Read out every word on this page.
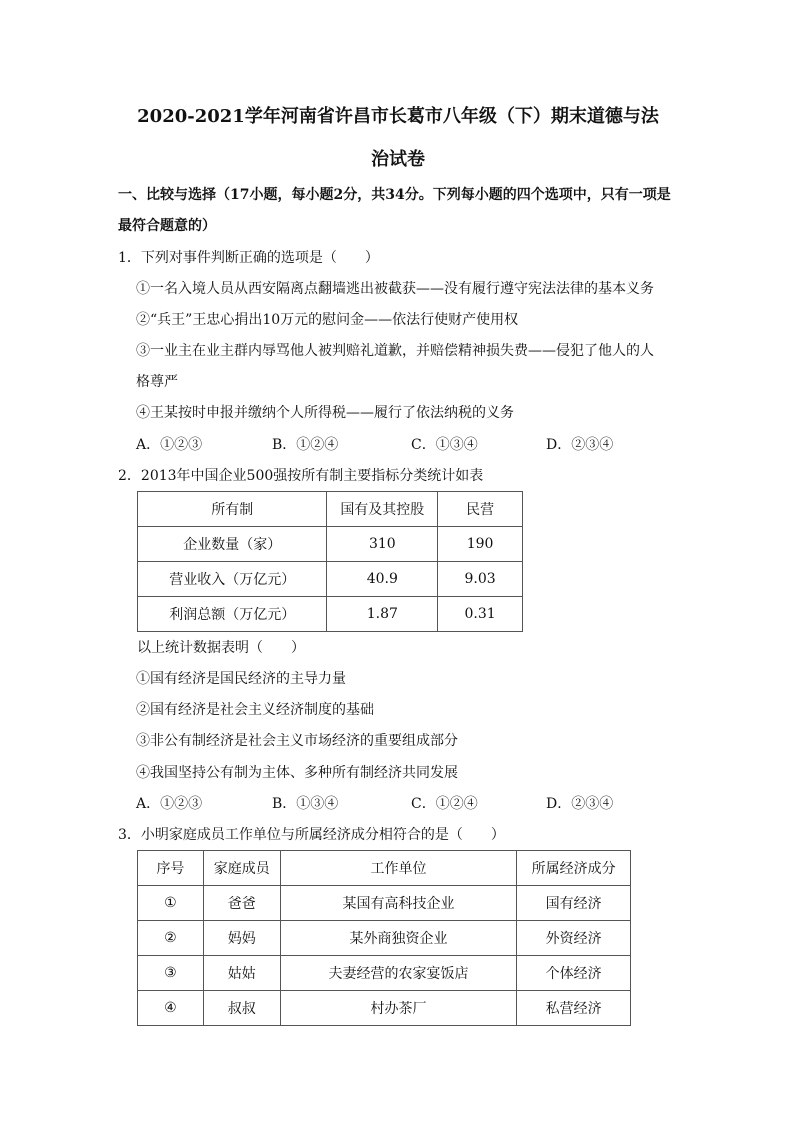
2020-2021学年河南省许昌市长葛市八年级（下）期末道德与法
治试卷
一、比较与选择（17小题，每小题2分，共34分。下列每小题的四个选项中，只有一项是
最符合题意的）
1．下列对事件判断正确的选项是（　　）
①一名入境人员从西安隔离点翻墙逃出被截获——没有履行遵守宪法法律的基本义务
②“兵王”王忠心捐出10万元的慰问金——依法行使财产使用权
③一业主在业主群内辱骂他人被判赔礼道歉，并赔偿精神损失费——侵犯了他人的人
格尊严
④王某按时申报并缴纳个人所得税——履行了依法纳税的义务
A．①②③	B．①②④	C．①③④	D．②③④
2．2013年中国企业500强按所有制主要指标分类统计如表
所有制	国有及其控股	民营
企业数量（家）	310	190
营业收入（万亿元）	40.9	9.03
利润总额（万亿元）	1.87	0.31
以上统计数据表明（　　）
①国有经济是国民经济的主导力量
②国有经济是社会主义经济制度的基础
③非公有制经济是社会主义市场经济的重要组成部分
④我国坚持公有制为主体、多种所有制经济共同发展
A．①②③	B．①③④	C．①②④	D．②③④
3．小明家庭成员工作单位与所属经济成分相符合的是（　　）
序号	家庭成员	工作单位	所属经济成分
①	爸爸	某国有高科技企业	国有经济
②	妈妈	某外商独资企业	外资经济
③	姑姑	夫妻经营的农家宴饭店	个体经济
④	叔叔	村办茶厂	私营经济
